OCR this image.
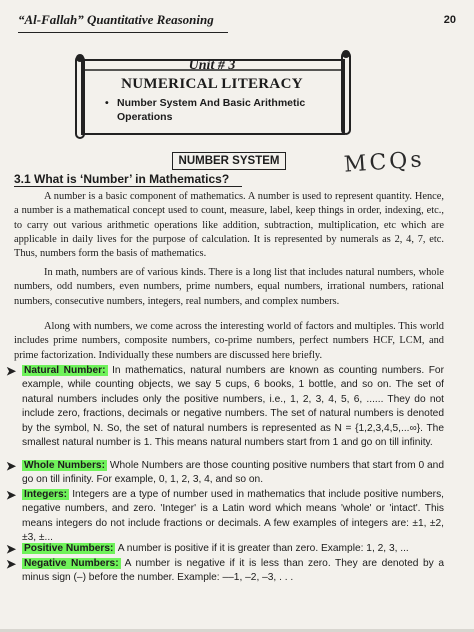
“Al-Fallah” Quantitative Reasoning	20
Unit # 3
NUMERICAL LITERACY
• Number System And Basic Arithmetic Operations
NUMBER SYSTEM	MCQs
3.1 What is ‘Number’ in Mathematics?
A number is a basic component of mathematics. A number is used to represent quantity. Hence, a number is a mathematical concept used to count, measure, label, keep things in order, indexing, etc., to carry out various arithmetic operations like addition, subtraction, multiplication, etc which are applicable in daily lives for the purpose of calculation. It is represented by numerals as 2, 4, 7, etc. Thus, numbers form the basis of mathematics.
In math, numbers are of various kinds. There is a long list that includes natural numbers, whole numbers, odd numbers, even numbers, prime numbers, equal numbers, irrational numbers, rational numbers, consecutive numbers, integers, real numbers, and complex numbers.
Along with numbers, we come across the interesting world of factors and multiples. This world includes prime numbers, composite numbers, co-prime numbers, perfect numbers HCF, LCM, and prime factorization. Individually these numbers are discussed here briefly.
➤ Natural Number: In mathematics, natural numbers are known as counting numbers. For example, while counting objects, we say 5 cups, 6 books, 1 bottle, and so on. The set of natural numbers includes only the positive numbers, i.e., 1, 2, 3, 4, 5, 6, ...... They do not include zero, fractions, decimals or negative numbers. The set of natural numbers is denoted by the symbol, N. So, the set of natural numbers is represented as N = {1,2,3,4,5,...∞}. The smallest natural number is 1. This means natural numbers start from 1 and go on till infinity.
➤ Whole Numbers: Whole Numbers are those counting positive numbers that start from 0 and go on till infinity. For example, 0, 1, 2, 3, 4, and so on.
➤ Integers: Integers are a type of number used in mathematics that include positive numbers, negative numbers, and zero. 'Integer' is a Latin word which means 'whole' or 'intact'. This means integers do not include fractions or decimals. A few examples of integers are: ±1, ±2, ±3, ±...
➤ Positive Numbers: A number is positive if it is greater than zero. Example: 1, 2, 3, ...
➤ Negative Numbers: A number is negative if it is less than zero. They are denoted by a minus sign (–) before the number. Example: ––1, –2, –3, . . .
